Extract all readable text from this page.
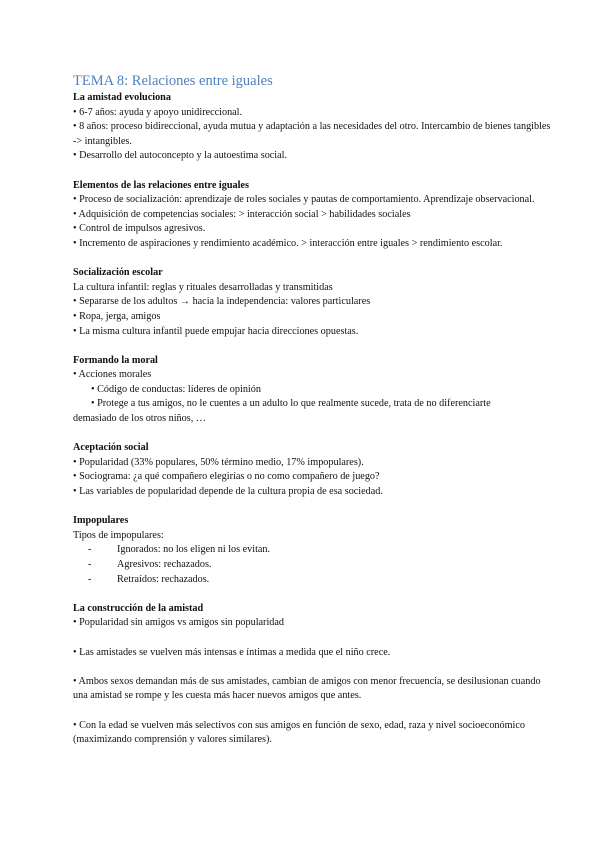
TEMA 8: Relaciones entre iguales

La amistad evoluciona

• 6-7 años: ayuda y apoyo unidireccional.

• 8 años: proceso bidireccional, ayuda mutua y adaptación a las necesidades del otro. Intercambio de bienes tangibles -> intangibles.

• Desarrollo del autoconcepto y la autoestima social.

Elementos de las relaciones entre iguales

• Proceso de socialización: aprendizaje de roles sociales y pautas de comportamiento. Aprendizaje observacional.

• Adquisición de competencias sociales: > interacción social > habilidades sociales

• Control de impulsos agresivos.

• Incremento de aspiraciones y rendimiento académico. > interacción entre iguales > rendimiento escolar.

Socialización escolar

La cultura infantil: reglas y rituales desarrolladas y transmitidas

• Separarse de los adultos → hacia la independencia: valores particulares

• Ropa, jerga, amigos

• La misma cultura infantil puede empujar hacia direcciones opuestas.

Formando la moral

• Acciones morales

• Código de conductas: líderes de opinión

• Protege a tus amigos, no le cuentes a un adulto lo que realmente sucede, trata de no diferenciarte

demasiado de los otros niños, …

Aceptación social

• Popularidad (33% populares, 50% término medio, 17% impopulares).

• Sociograma: ¿a qué compañero elegirías o no como compañero de juego?

• Las variables de popularidad depende de la cultura propia de esa sociedad.

Impopulares

Tipos de impopulares:

-	Ignorados: no los eligen ni los evitan.

-	Agresivos: rechazados.

-	Retraídos: rechazados.

La construcción de la amistad

• Popularidad sin amigos vs amigos sin popularidad

• Las amistades se vuelven más intensas e íntimas a medida que el niño crece.

• Ambos sexos demandan más de sus amistades, cambian de amigos con menor frecuencia, se desilusionan cuando una amistad se rompe y les cuesta más hacer nuevos amigos que antes.

• Con la edad se vuelven más selectivos con sus amigos en función de sexo, edad, raza y nivel socioeconómico (maximizando comprensión y valores similares).
